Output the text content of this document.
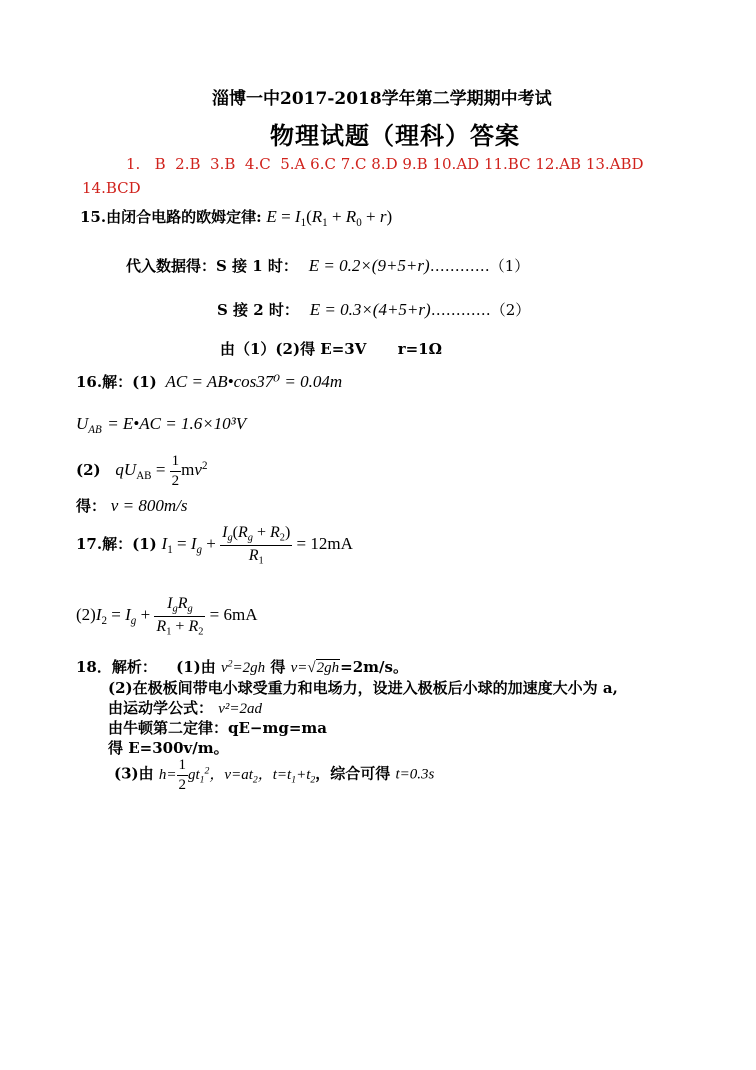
淄博一中2017-2018学年第二学期期中考试
物理试题（理科）答案
1.   B  2.B  3.B  4.C  5.A 6.C 7.C 8.D 9.B 10.AD 11.BC 12.AB 13.ABD
14.BCD
15.由闭合电路的欧姆定律: $E = I_1(R_1 + R_0 + r)$
代入数据得：S 接 1 时： E = 0.2×(9+5+r)…………（1）
S 接 2 时： E = 0.3×(4+5+r)…………（2）
由（1）(2)得 E=3V      r=1Ω
16.解：(1) AC = AB•cos37⁰ = 0.04m
$U_{AB}$ = E•AC = 1.6×10³V
(2) $qU_{AB} = \frac{1}{2} mv^2$
得： v = 800m/s
17.解：(1) $I_1 = I_g + \frac{I_g(R_g + R_2)}{R_1} = 12mA$
$(2)I_2 = I_g + \frac{I_gR_g}{R_1 + R_2} = 6mA$
18．解析： (1)由 $v^2=2gh$ 得 v=√2gh=2m/s。
(2)在极板间带电小球受重力和电场力，设进入极板后小球的加速度大小为 a,
由运动学公式： v²=2ad
由牛顿第二定律：qE−mg=ma
得 E=300v/m。
(3)由 $h= \frac{1}{2} gt_1^2$，$v=at_2$，$t=t_1+t_2$，综合可得 t=0.3s
